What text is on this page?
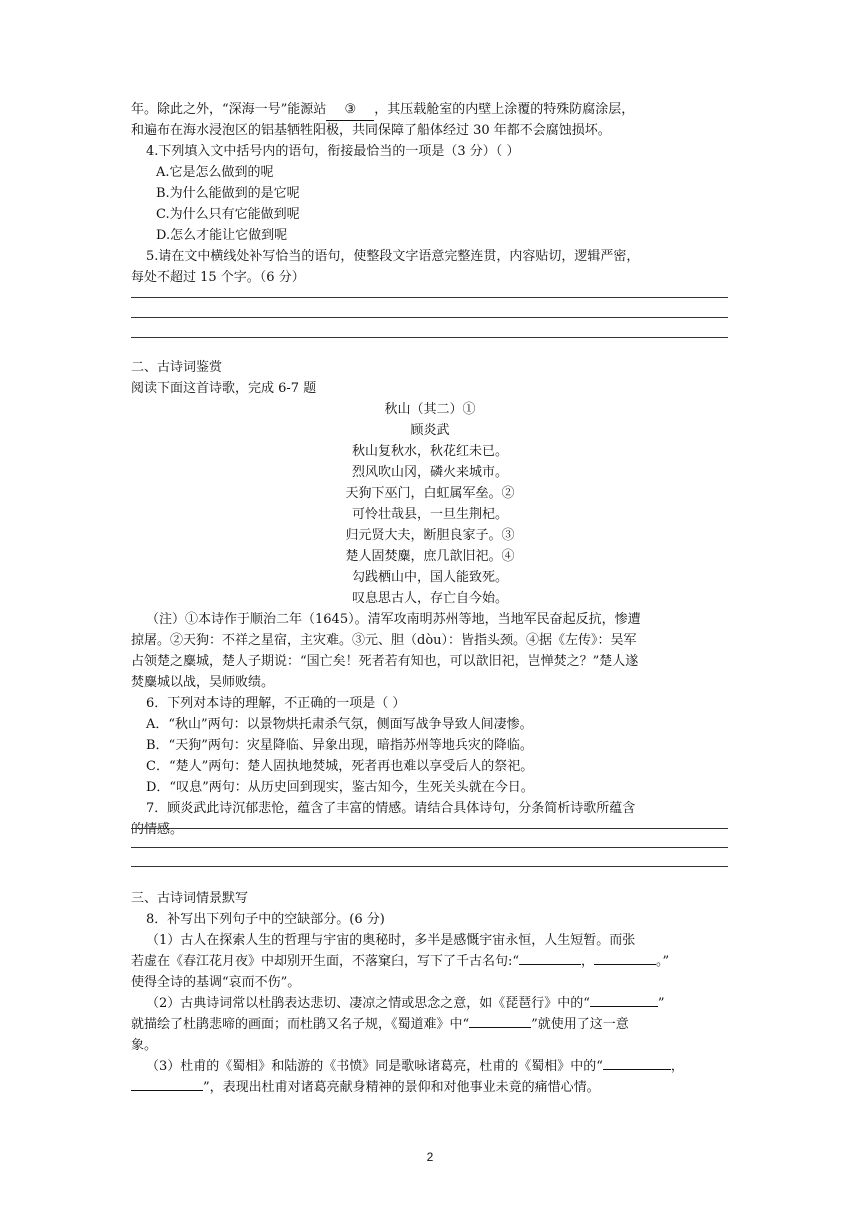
年。除此之外，“深海一号”能源站 ③ ，其压载舱室的内壁上涂覆的特殊防腐涂层，
和遍布在海水浸泡区的铝基牺牲阳极，共同保障了船体经过 30 年都不会腐蚀损坏。
4.下列填入文中括号内的语句，衔接最恰当的一项是（3 分）（ ）
A.它是怎么做到的呢
B.为什么能做到的是它呢
C.为什么只有它能做到呢
D.怎么才能让它做到呢
5.请在文中横线处补写恰当的语句，使整段文字语意完整连贯，内容贴切，逻辑严密，
每处不超过 15 个字。（6 分）
二、古诗词鉴赏
阅读下面这首诗歌，完成 6-7 题
秋山（其二）①
顾炎武
秋山复秋水，秋花红未已。
烈风吹山冈，磷火来城市。
天狗下巫门，白虹属军垒。②
可怜壮哉县，一旦生荆杞。
归元贤大夫，断胆良家子。③
楚人固焚麋，庶几歆旧祀。④
勾践栖山中，国人能致死。
叹息思古人，存亡自今始。
（注）①本诗作于顺治二年（1645）。清军攻南明苏州等地，当地军民奋起反抗，惨遭
掠屠。②天狗：不祥之星宿，主灾难。③元、胆（dòu）：皆指头颈。④据《左传》：吴军
占领楚之麋城，楚人子期说：“国亡矣！死者若有知也，可以歆旧祀，岂惮焚之？”楚人遂
焚麋城以战，吴师败绩。
6．下列对本诗的理解，不正确的一项是（ ）
A．“秋山”两句：以景物烘托肃杀气氛，侧面写战争导致人间凄惨。
B．“天狗”两句：灾星降临、异象出现，暗指苏州等地兵灾的降临。
C．“楚人”两句：楚人固执地焚城，死者再也难以享受后人的祭祀。
D．“叹息”两句：从历史回到现实，鉴古知今，生死关头就在今日。
7．顾炎武此诗沉郁悲怆，蕴含了丰富的情感。请结合具体诗句，分条简析诗歌所蕴含
的情感。
三、古诗词情景默写
8．补写出下列句子中的空缺部分。(6 分)
（1）古人在探索人生的哲理与宇宙的奥秘时，多半是感慨宇宙永恒，人生短暂。而张
若虚在《春江花月夜》中却别开生面，不落窠臼，写下了千古名句:“	，	。”
使得全诗的基调“哀而不伤”。
（2）古典诗词常以杜鹃表达悲切、凄凉之情或思念之意，如《琵琶行》中的“	”
就描绘了杜鹃悲啼的画面；而杜鹃又名子规，《蜀道难》中“	”就使用了这一意
象。
（3）杜甫的《蜀相》和陆游的《书愤》同是歌咏诸葛亮，杜甫的《蜀相》中的“	，
”，表现出杜甫对诸葛亮献身精神的景仰和对他事业未竟的痛惜心情。
2
